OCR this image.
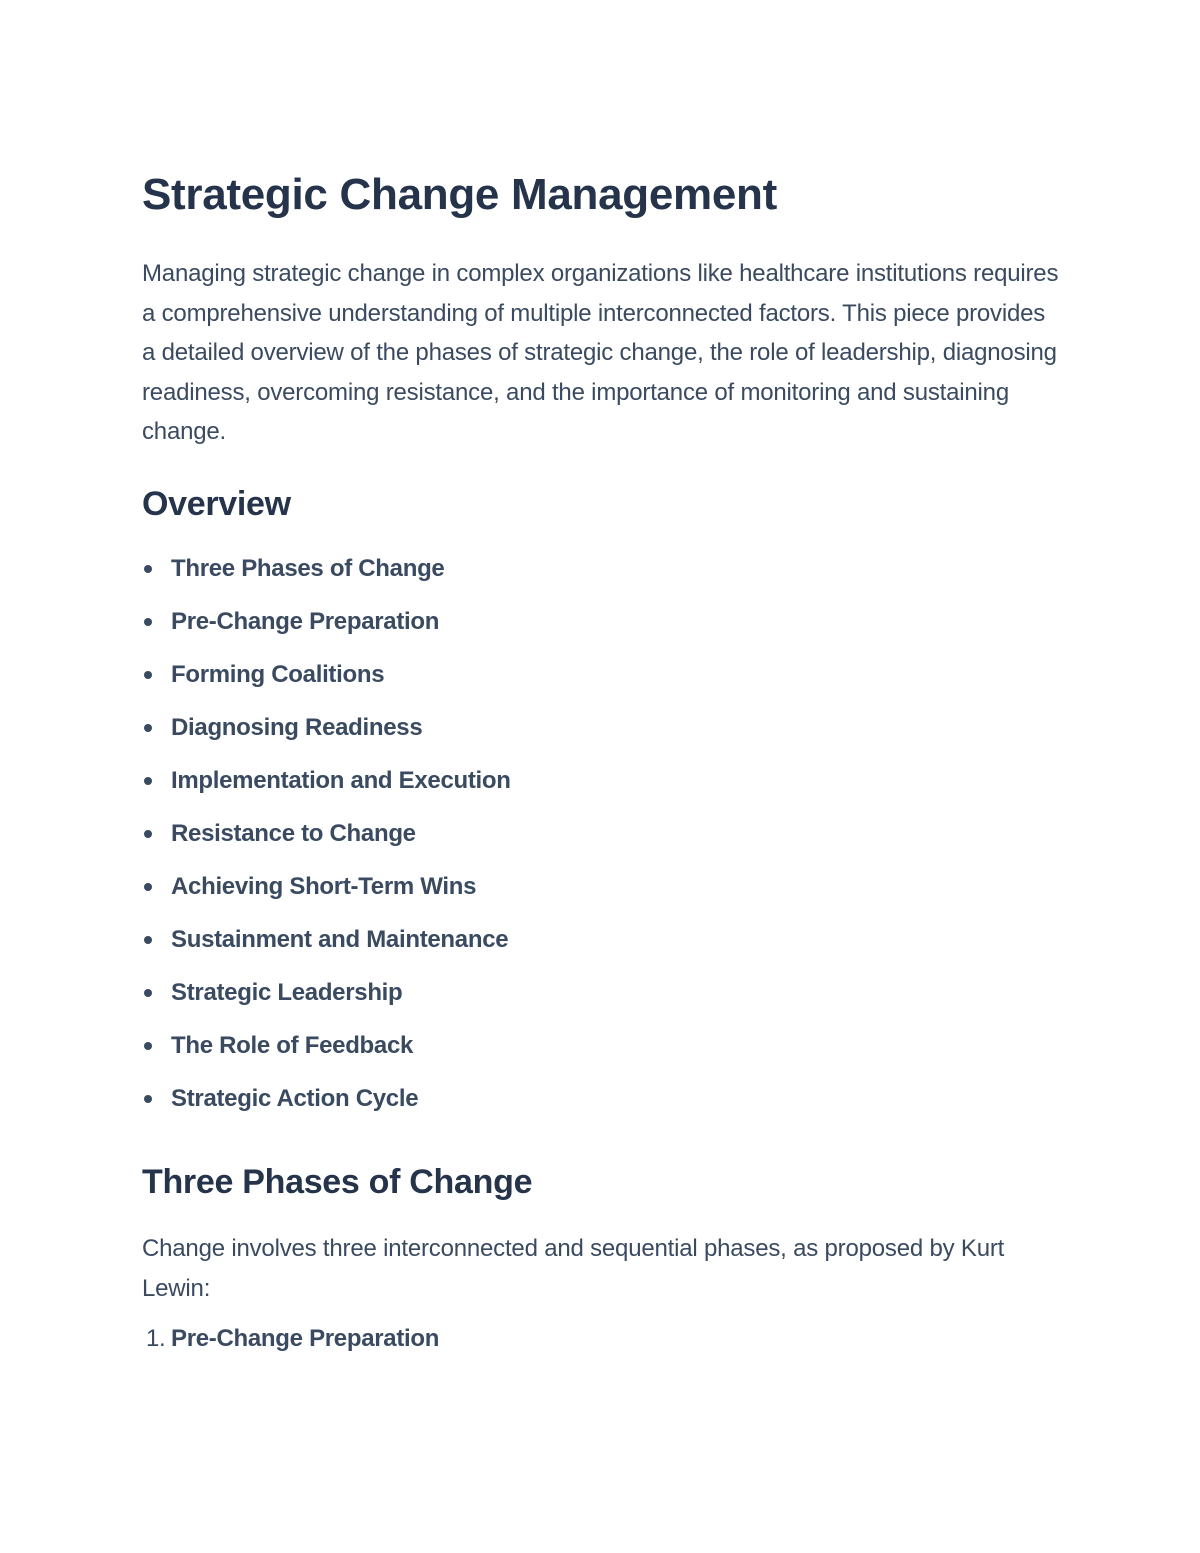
Strategic Change Management

Managing strategic change in complex organizations like healthcare institutions requires a comprehensive understanding of multiple interconnected factors. This piece provides a detailed overview of the phases of strategic change, the role of leadership, diagnosing readiness, overcoming resistance, and the importance of monitoring and sustaining change.

Overview
Three Phases of Change
Pre-Change Preparation
Forming Coalitions
Diagnosing Readiness
Implementation and Execution
Resistance to Change
Achieving Short-Term Wins
Sustainment and Maintenance
Strategic Leadership
The Role of Feedback
Strategic Action Cycle
Three Phases of Change

Change involves three interconnected and sequential phases, as proposed by Kurt Lewin:

1. Pre-Change Preparation
